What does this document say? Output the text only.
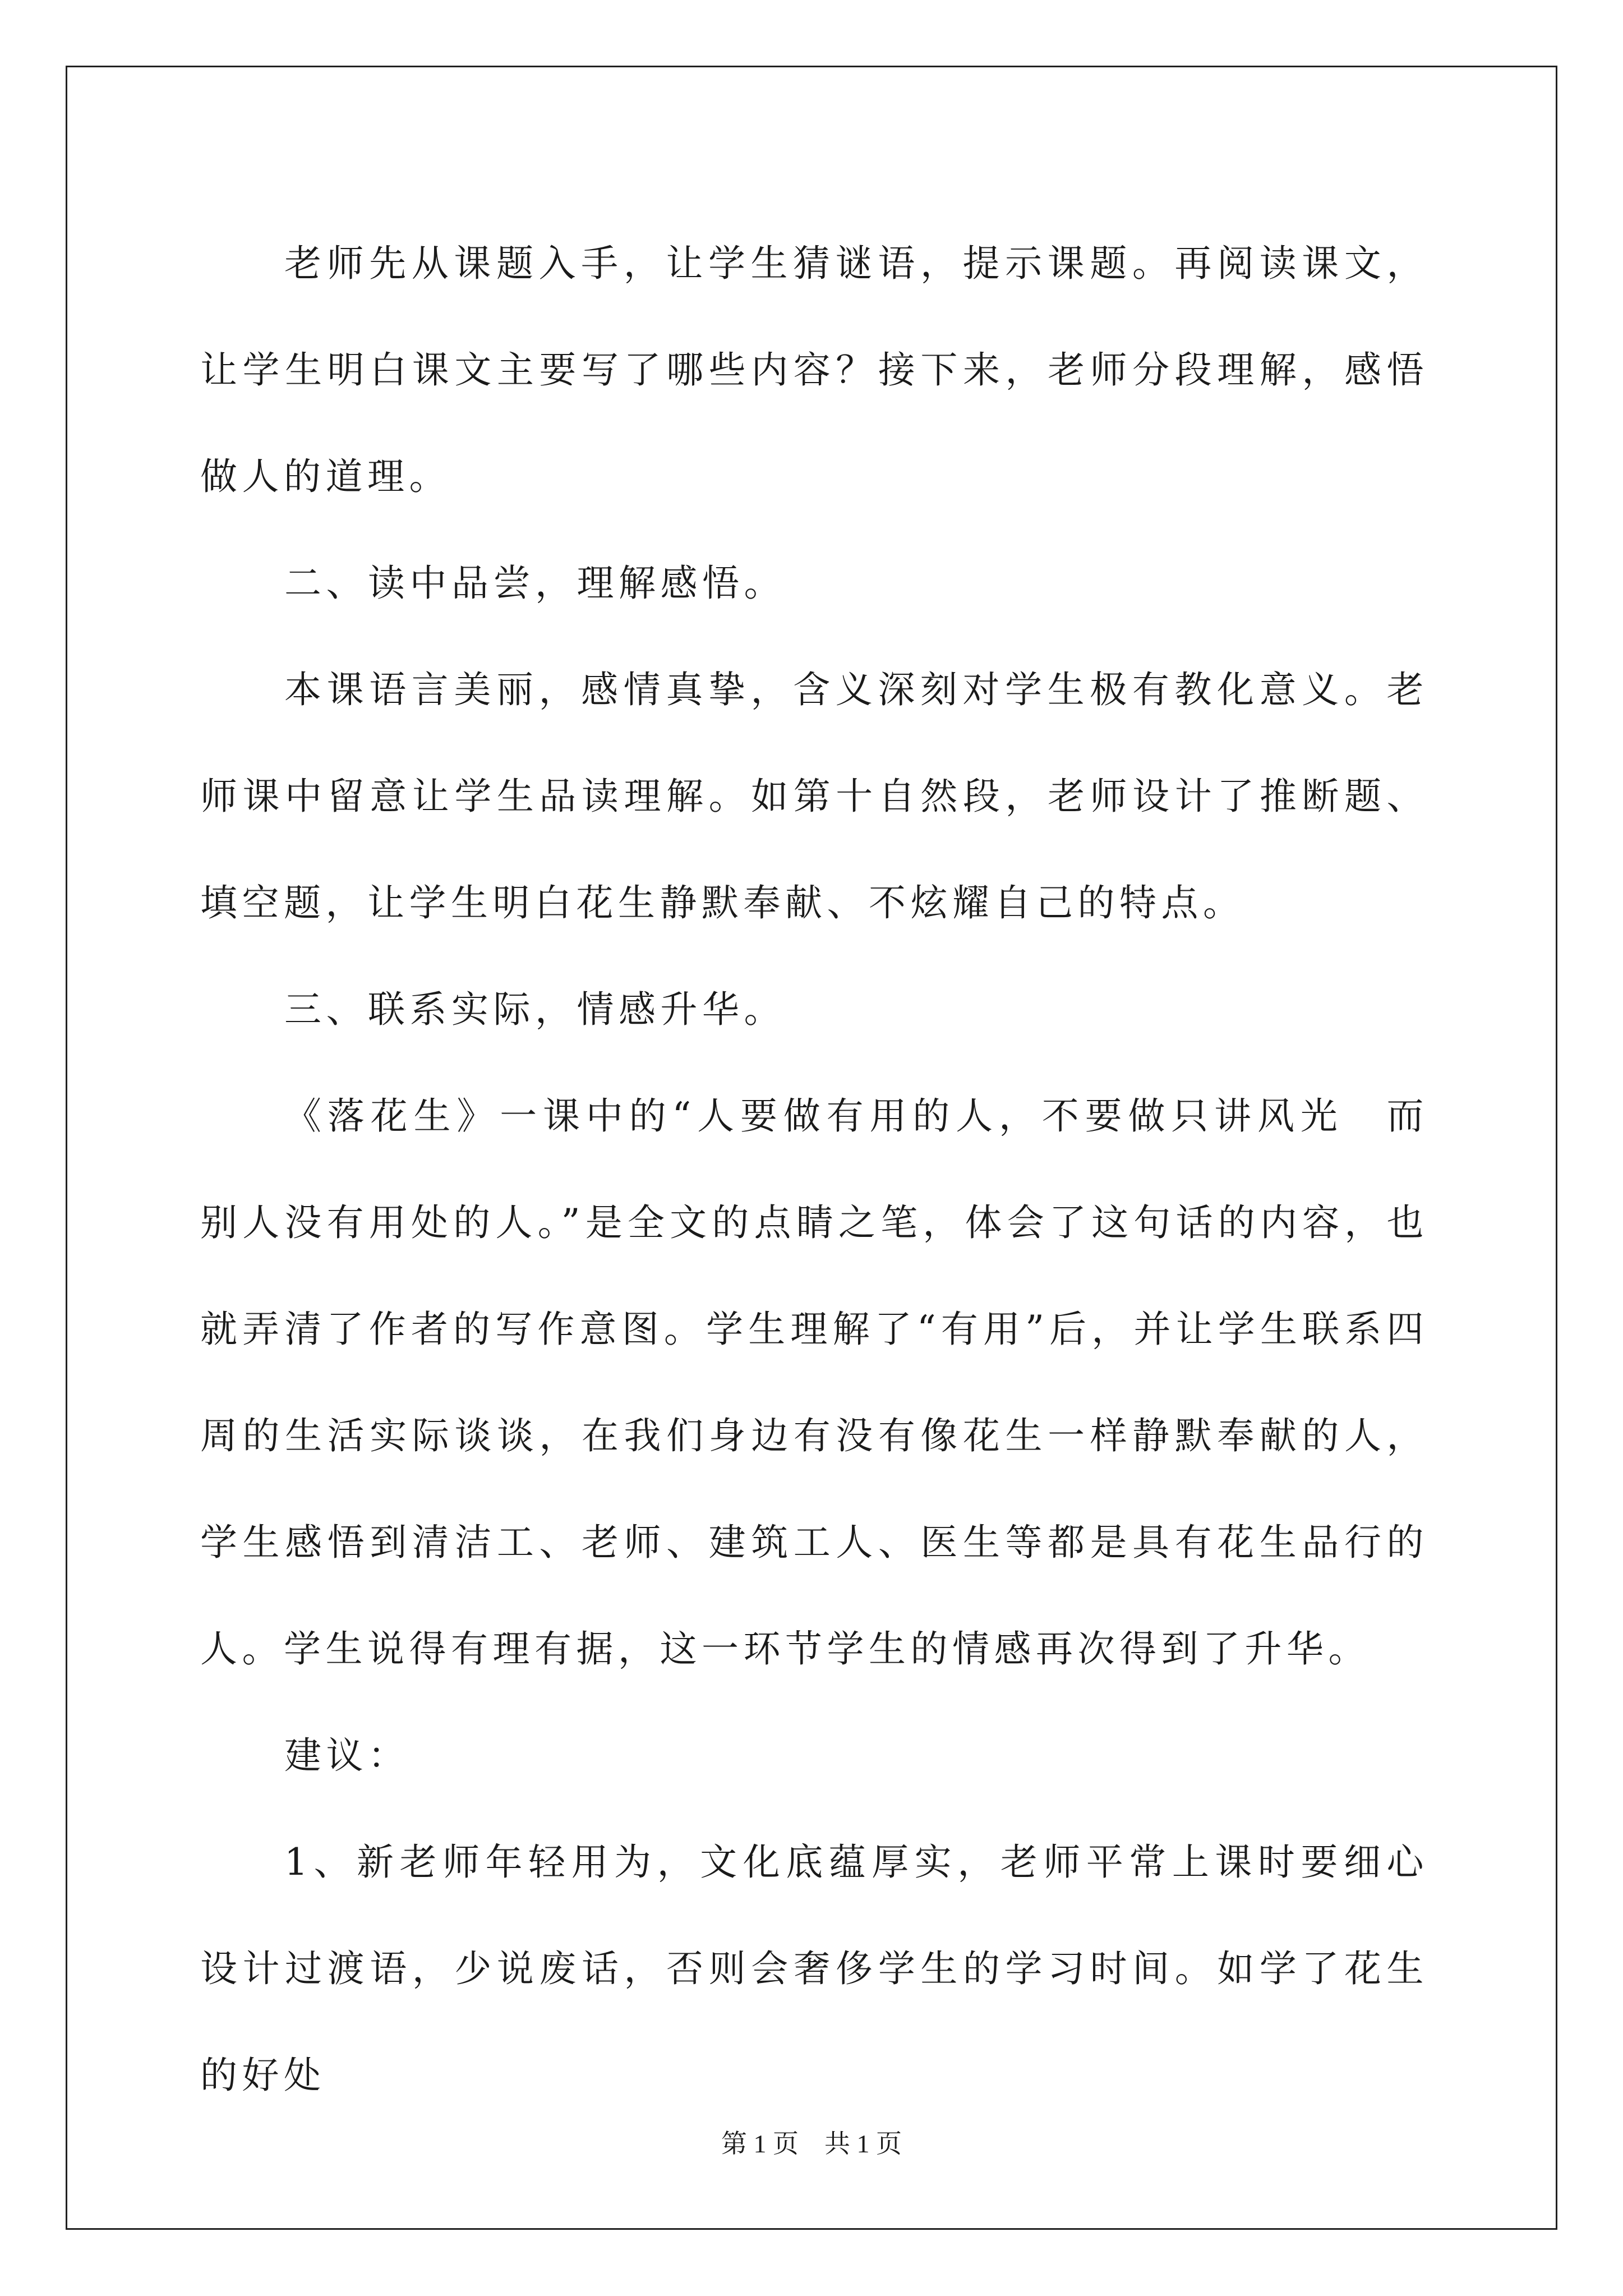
老师先从课题入手，让学生猜谜语，提示课题。再阅读课文，让学生明白课文主要写了哪些内容？接下来，老师分段理解，感悟做人的道理。

二、读中品尝，理解感悟。

本课语言美丽，感情真挚，含义深刻对学生极有教化意义。老师课中留意让学生品读理解。如第十自然段，老师设计了推断题、填空题，让学生明白花生静默奉献、不炫耀自己的特点。

三、联系实际，情感升华。

《落花生》一课中的“人要做有用的人，不要做只讲风光　而别人没有用处的人。”是全文的点睛之笔，体会了这句话的内容，也就弄清了作者的写作意图。学生理解了“有用”后，并让学生联系四周的生活实际谈谈，在我们身边有没有像花生一样静默奉献的人，学生感悟到清洁工、老师、建筑工人、医生等都是具有花生品行的人。学生说得有理有据，这一环节学生的情感再次得到了升华。

建议：

1、新老师年轻用为，文化底蕴厚实，老师平常上课时要细心设计过渡语，少说废话，否则会奢侈学生的学习时间。如学了花生的好处

第 1 页　共 1 页
